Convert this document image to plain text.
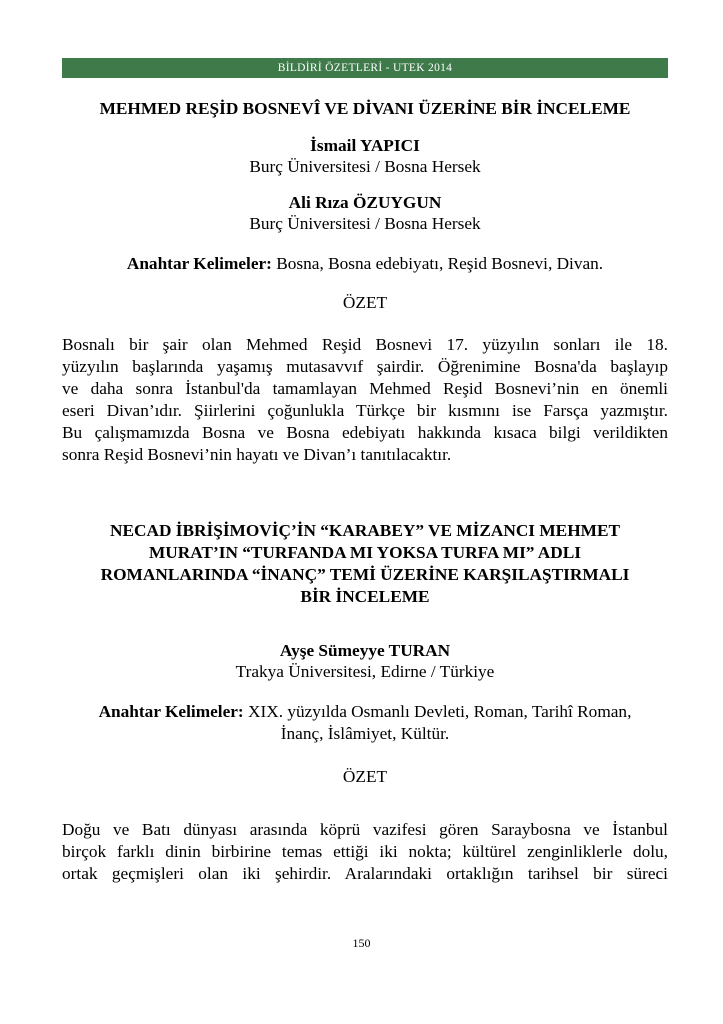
BİLDİRİ ÖZETLERİ - UTEK 2014
MEHMED REŞİD BOSNEVÎ VE DİVANI ÜZERİNE BİR İNCELEME
İsmail YAPICI
Burç Üniversitesi / Bosna Hersek
Ali Rıza ÖZUYGUN
Burç Üniversitesi / Bosna Hersek
Anahtar Kelimeler: Bosna, Bosna edebiyatı, Reşid Bosnevi, Divan.
ÖZET
Bosnalı bir şair olan Mehmed Reşid Bosnevi 17. yüzyılın sonları ile 18.
yüzyılın başlarında yaşamış mutasavvıf şairdir. Öğrenimine Bosna'da başlayıp
ve daha sonra İstanbul'da tamamlayan Mehmed Reşid Bosnevi’nin en önemli
eseri Divan’ıdır. Şiirlerini çoğunlukla Türkçe bir kısmını ise Farsça yazmıştır.
Bu çalışmamızda Bosna ve Bosna edebiyatı hakkında kısaca bilgi verildikten
sonra Reşid Bosnevi’nin hayatı ve Divan’ı tanıtılacaktır.
NECAD İBRİŞİMOVİÇ’İN “KARABEY” VE MİZANCI MEHMET
MURAT’IN “TURFANDA MI YOKSA TURFA MI” ADLI
ROMANLARINDA “İNANÇ” TEMİ ÜZERİNE KARŞILAŞTIRMALI
BİR İNCELEME
Ayşe Sümeyye TURAN
Trakya Üniversitesi, Edirne / Türkiye
Anahtar Kelimeler: XIX. yüzyılda Osmanlı Devleti, Roman, Tarihî Roman,
İnanç, İslâmiyet, Kültür.
ÖZET
Doğu ve Batı dünyası arasında köprü vazifesi gören Saraybosna ve İstanbul
birçok farklı dinin birbirine temas ettiği iki nokta; kültürel zenginliklerle dolu,
ortak geçmişleri olan iki şehirdir. Aralarındaki ortaklığın tarihsel bir süreci
150
